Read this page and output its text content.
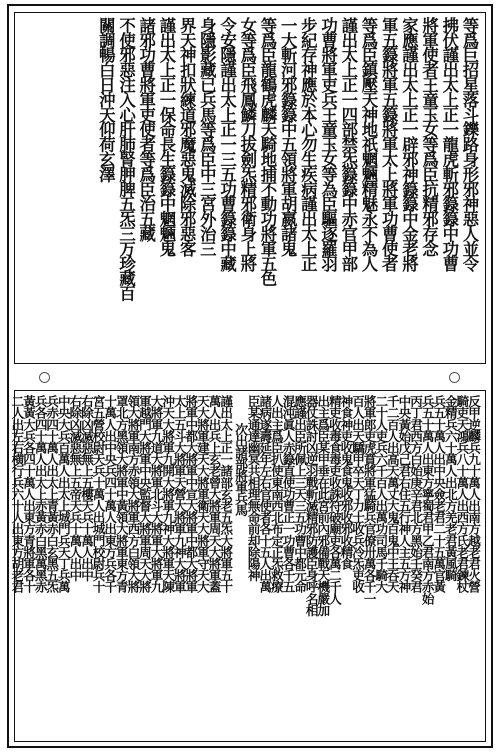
等爲巨招星落斗鑠路身形邪神惡人並令
拂伏謹出太上正一龍虎斬邪籙籙中功曹
將軍使者王童玉女等爲臣抗精邪存念
家應謹出太上正一辟邪神籙籙中金老將
軍五籙將軍五籙將軍太上將軍功曹使者
等爲臣鎮壓天神地祇魍魎精魅永不為人
謹出太上正一四部禁炁籙籙中赤官甲部
功曹將軍吏兵王童玉女等為臣驅逐羅羽
步紀存神應於本心勿生疾病謹出太上正
一大斬河邪籙籙中五領將軍胡嬴諸鬼
等爲臣龍鶴虎麟天騎地捕不動功將軍五色
女等爲臣飛鳳鱗刀拔劍炁精邪衛身上將
令安隱謹出太上正一三五功曹籙籙中藏
身隱影藏已兵馬等爲臣中三宮外治三
界天神扣狀練道邪魔惡鬼滅除邪惡客
謹出太上正一保命長生籙籙中魍魎鬼
諸邪功曹將軍吏使者等爲臣治五藏
不使邪惡注入心肝肺腎胛脾五炁三万珍藏百
關調暢白日沖天仰荷玄澤
反甲逆麟兵九十萬人出南方越老君火營
騎吏天鴻兵八十萬人出西方氏老君鍊杖
金精兵六十萬人出北方羌老君黃風騎
兵五十萬人出中央僉老君二十五萬官黃
兵五十萬人出東方寧蜀君甲乙君南方赤始
丙丁君西方白始庚辛君北方黑始壬癸君
中央黃始戊己君右住五行神人主五方神
千二百人出高天萬丈大鬼百鬼中王吞天
二十人吏兵六千百人出萬功司馬千騎大
將軍郎吏虎賁將軍猛騎兵官僚卅萬各千一
百人出天驕甲卒天丁力士收兵冷炁吏收
神食神吏收鬼食鬼收邪收邪收精食
精吏收毒食毒吏收誅符破廟吏各萬二千人
出主爲臣某甲垂在此宮前內邪備戰天機嚴加
器仗誅討凶逆羽戰斬滅精邪防護臣身呼名相
應謹出臣所佩上三天三五功曹中都元命
混沌眞人赤籙直使功曹正一功曹各千五
人出主爲臣扒使東南西北布定正炁救療
諸病遂壽延年左右官使者各十五人出萬
臣某通達幽冥共相理無命前却除陽神
次出諸部將軍兵馬
謹出太上正一諸部玄老五炁大將軍五十
萬人出兵上玄老曾大將軍周天大將軍蓋
天大將軍建天大將軍衛天大將軍守天大
將軍中都大將軍中宣大將軍中都大將軍
太上五斗大將軍天營大將軍九神大將軍
沖天大將軍九開大將軍九神大將軍天陳
大將軍九道大將軍北斗大將軍大將軍九
軍越門大將軍中央監督大將軍周天大將
領大將軍南方赤領大將軍西方白領大將
罩北方黑領大將軍中黃領大將軍東方青
十萬人出中央兵四十萬人出東方兵各千
宮五營校尉天兵十萬人出城門校尉兵十
右除凶滅惡無上五樓天兵十萬人出中
右除凶滅惡無上五帝天兵十萬人出中
中央大兵百萬人出太上城門兵天丁兵萬
兵赤四十萬人出太上青黃赤白玄黑五炁
兵各四十萬人出太上赤黃赤白黑萬黑赤
黃黃大兵各四十萬人出東方青將軍各十
二人出左右横行兵六十人出東方胡老君
